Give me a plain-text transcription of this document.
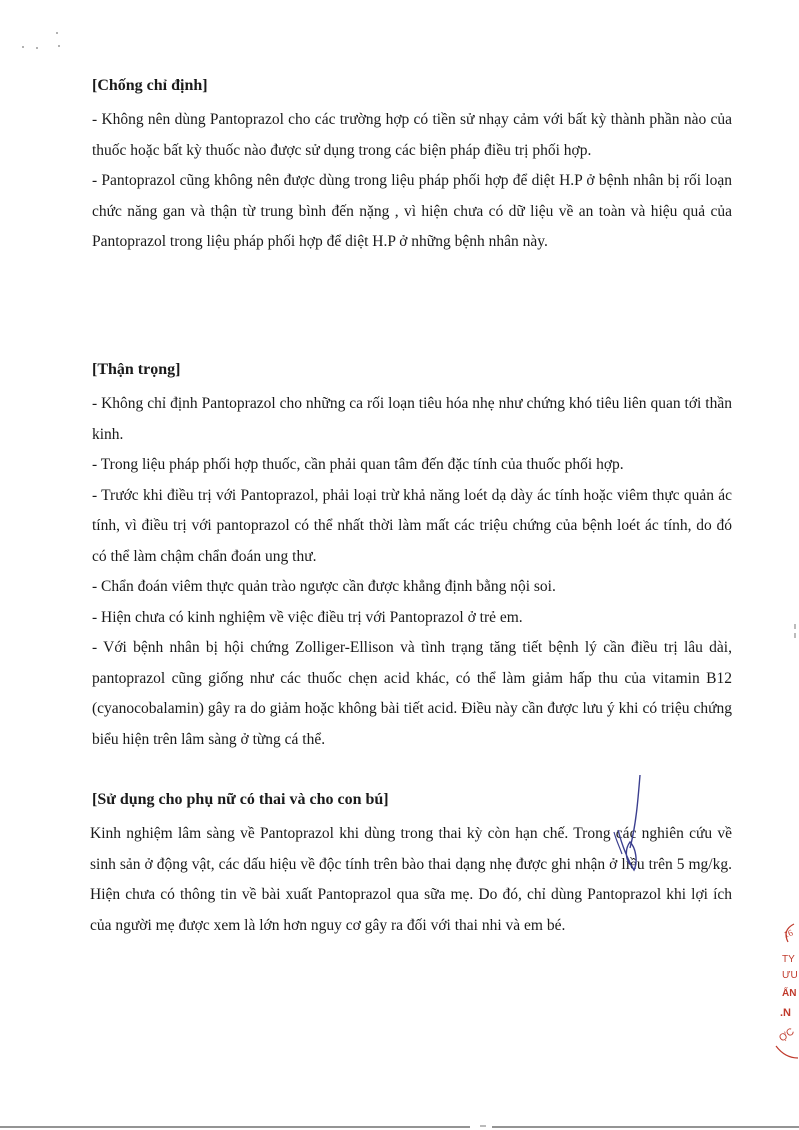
[Chống chỉ định]

- Không nên dùng Pantoprazol cho các trường hợp có tiền sử nhạy cảm với bất kỳ thành phần nào của thuốc hoặc bất kỳ thuốc nào được sử dụng trong các biện pháp điều trị phối hợp.

- Pantoprazol cũng không nên được dùng trong liệu pháp phối hợp để diệt H.P ở bệnh nhân bị rối loạn chức năng gan và thận từ trung bình đến nặng , vì hiện chưa có dữ liệu về an toàn và hiệu quả của Pantoprazol trong liệu pháp phối hợp để diệt H.P ở những bệnh nhân này.

[Thận trọng]

- Không chỉ định Pantoprazol cho những ca rối loạn tiêu hóa nhẹ như chứng khó tiêu liên quan tới thần kinh.

- Trong liệu pháp phối hợp thuốc, cần phải quan tâm đến đặc tính của thuốc phối hợp.

- Trước khi điều trị với Pantoprazol, phải loại trừ khả năng loét dạ dày ác tính hoặc viêm thực quản ác tính, vì điều trị với pantoprazol có thể nhất thời làm mất các triệu chứng của bệnh loét ác tính, do đó có thể làm chậm chẩn đoán ung thư.

- Chẩn đoán viêm thực quản trào ngược cần được khẳng định bằng nội soi.

- Hiện chưa có kinh nghiệm về việc điều trị với Pantoprazol ở trẻ em.

- Với bệnh nhân bị hội chứng Zolliger-Ellison và tình trạng tăng tiết bệnh lý cần điều trị lâu dài, pantoprazol cũng giống như các thuốc chẹn acid khác, có thể làm giảm hấp thu của vitamin B12 (cyanocobalamin) gây ra do giảm hoặc không bài tiết acid. Điều này cần được lưu ý khi có triệu chứng biểu hiện trên lâm sàng ở từng cá thể.

[Sử dụng cho phụ nữ có thai và cho con bú]

Kinh nghiệm lâm sàng về Pantoprazol khi dùng trong thai kỳ còn hạn chế. Trong các nghiên cứu về sinh sản ở động vật, các dấu hiệu về độc tính trên bào thai dạng nhẹ được ghi nhận ở liều trên 5 mg/kg. Hiện chưa có thông tin về bài xuất Pantoprazol qua sữa mẹ. Do đó, chỉ dùng Pantoprazol khi lợi ích của người mẹ được xem là lớn hơn nguy cơ gây ra đối với thai nhi và em bé.

16
TY
ƯU
ẨN
.N
ỢC
